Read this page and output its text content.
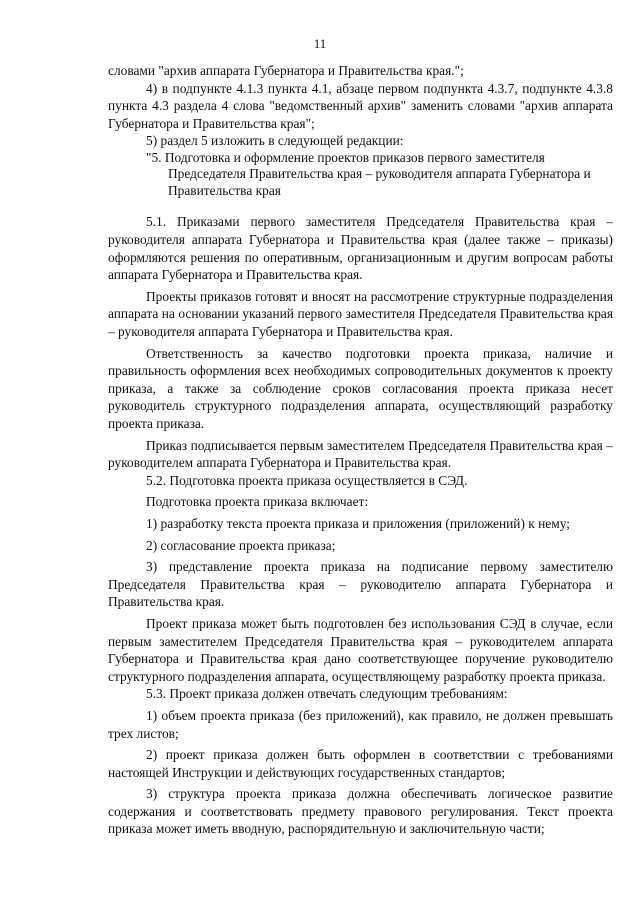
11

словами "архив аппарата Губернатора и Правительства края.";

4) в подпункте 4.1.3 пункта 4.1, абзаце первом подпункта 4.3.7, подпункте 4.3.8 пункта 4.3 раздела 4 слова "ведомственный архив" заменить словами "архив аппарата Губернатора и Правительства края";

5) раздел 5 изложить в следующей редакции:

"5. Подготовка и оформление проектов приказов первого заместителя
Председателя Правительства края – руководителя аппарата Губернатора и Правительства края

5.1. Приказами первого заместителя Председателя Правительства края – руководителя аппарата Губернатора и Правительства края (далее также – приказы) оформляются решения по оперативным, организационным и другим вопросам работы аппарата Губернатора и Правительства края.

Проекты приказов готовят и вносят на рассмотрение структурные подразделения аппарата на основании указаний первого заместителя Председателя Правительства края – руководителя аппарата Губернатора и Правительства края.

Ответственность за качество подготовки проекта приказа, наличие и правильность оформления всех необходимых сопроводительных документов к проекту приказа, а также за соблюдение сроков согласования проекта приказа несет руководитель структурного подразделения аппарата, осуществляющий разработку проекта приказа.

Приказ подписывается первым заместителем Председателя Правительства края – руководителем аппарата Губернатора и Правительства края.

5.2. Подготовка проекта приказа осуществляется в СЭД.

Подготовка проекта приказа включает:

1) разработку текста проекта приказа и приложения (приложений) к нему;

2) согласование проекта приказа;

3) представление проекта приказа на подписание первому заместителю Председателя Правительства края – руководителю аппарата Губернатора и Правительства края.

Проект приказа может быть подготовлен без использования СЭД в случае, если первым заместителем Председателя Правительства края – руководителем аппарата Губернатора и Правительства края дано соответствующее поручение руководителю структурного подразделения аппарата, осуществляющему разработку проекта приказа.

5.3. Проект приказа должен отвечать следующим требованиям:

1) объем проекта приказа (без приложений), как правило, не должен превышать трех листов;

2) проект приказа должен быть оформлен в соответствии с требованиями настоящей Инструкции и действующих государственных стандартов;

3) структура проекта приказа должна обеспечивать логическое развитие содержания и соответствовать предмету правового регулирования. Текст проекта приказа может иметь вводную, распорядительную и заключительную части;
